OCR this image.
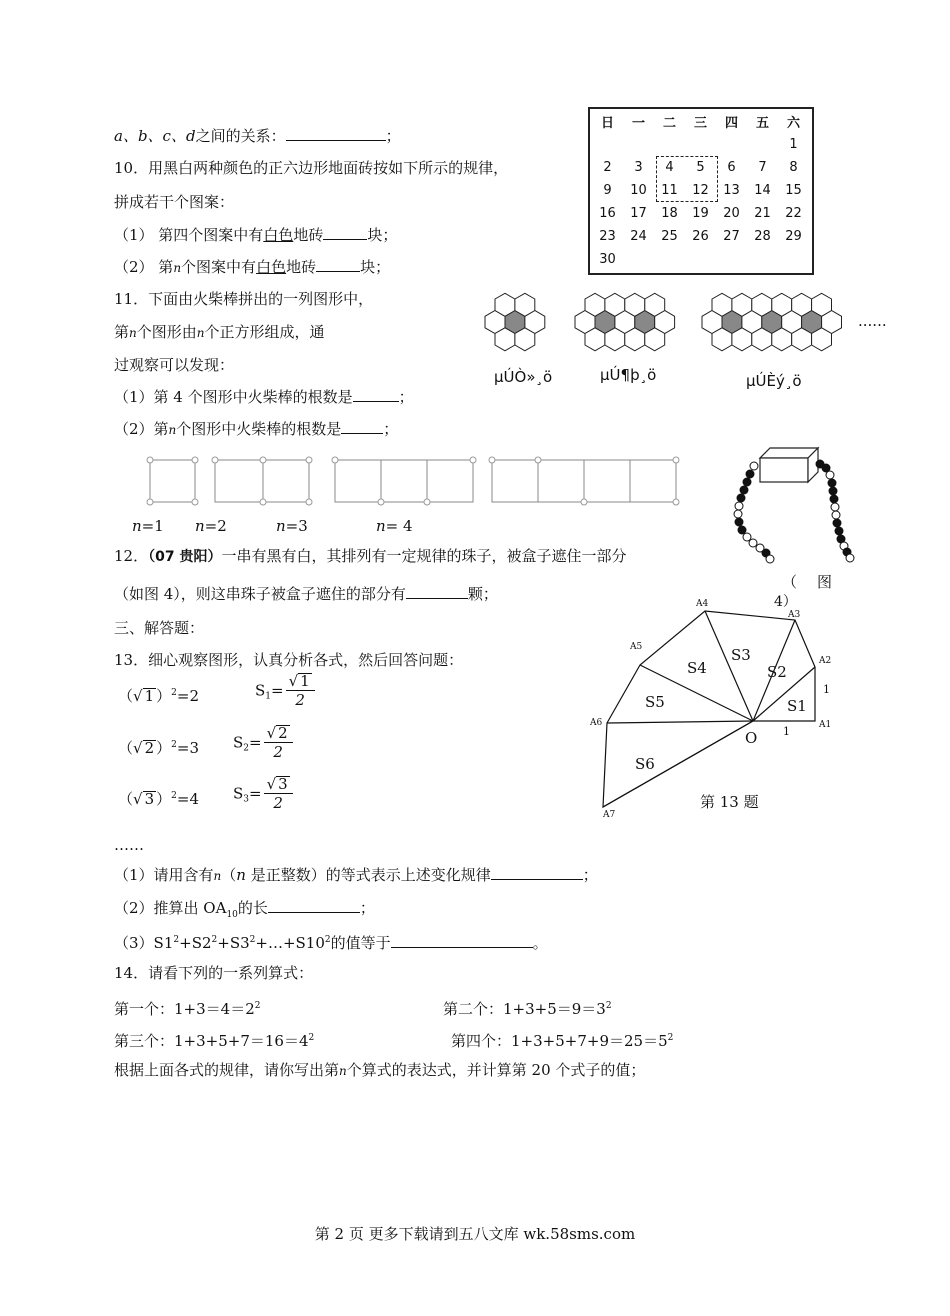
a、b、c、d之间的关系：	；
日	一	二	三	四	五	六
						1
2	3	4	5	6	7	8
9	10	11	12	13	14	15
16	17	18	19	20	21	22
23	24	25	26	27	28	29
30						
10．用黑白两种颜色的正六边形地面砖按如下所示的规律，
拼成若干个图案：
（1） 第四个图案中有白色地砖	块；
（2） 第n个图案中有白色地砖	块；
µÚÒ»¸ö	µÚ¶þ¸ö	µÚÈý¸ö
......
11．下面由火柴棒拼出的一列图形中，
第n个图形由n个正方形组成，通
过观察可以发现：
（1）第 4 个图形中火柴棒的根数是	；
（2）第n个图形中火柴棒的根数是	；
n=1 n=2	n=3	n= 4
（ 图
4）
12．（07 贵阳）一串有黑有白，其排列有一定规律的珠子，被盒子遮住一部分
（如图 4），则这串珠子被盒子遮住的部分有	颗；
三、解答题：
13．细心观察图形，认真分析各式，然后回答问题：
（√ 1 ）$^2$=2	$S_1= \frac{√ 1}{2}$
（√ 2 ）$^2$=3 $S_2= \frac{√ 2}{2}$
（√ 3 ）$^2$=4 $S_3= \frac{√ 3}{2}$
……
（1）请用含有n（n 是正整数）的等式表示上述变化规律	；
（2）推算出 $OA_{10}$的长	；
$(3)S1^2+S2^2+S3^2+\dots+S10^2$的值等于	。
A4
A3
A5
A2
A6	A1
A7
O
S1
S2
S3
S4
S5
S6
1
1
第 13 题
14．请看下列的一系列算式：
第一个：$1+3=4=2^2$	第二个：$1+3+5=9=3^2$
第三个：$1+3+5+7=16=4^2$	第四个：$1+3+5+7+9=25=5^2$
根据上面各式的规律，请你写出第n个算式的表达式，并计算第 20 个式子的值；
第 2 页 更多下载请到五八文库 wk.58sms.com
